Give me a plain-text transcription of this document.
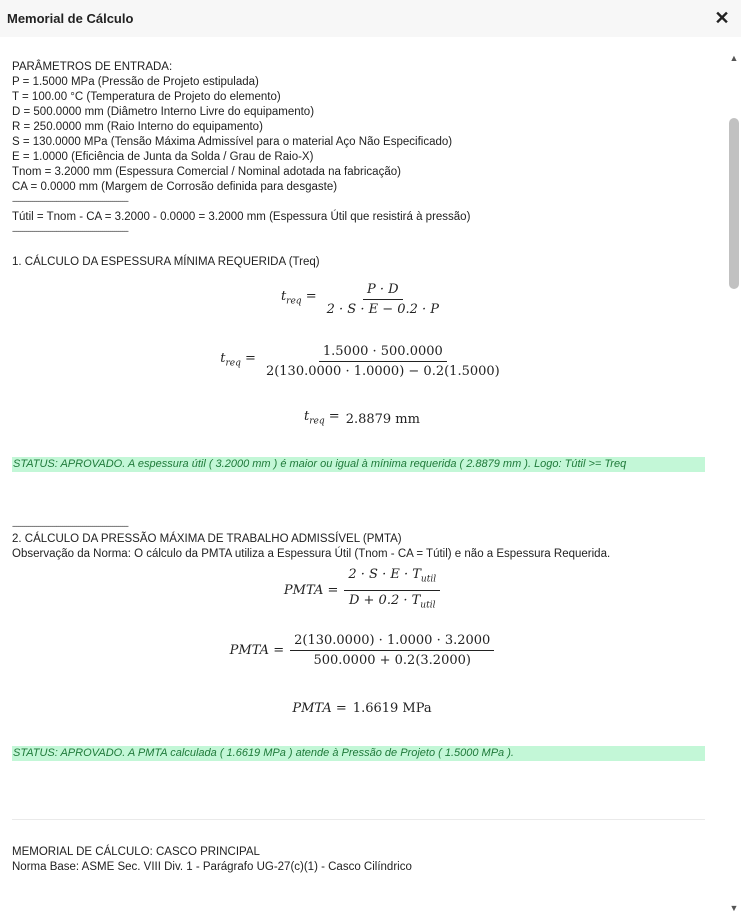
Memorial de Cálculo	✕
PARÂMETROS DE ENTRADA:
P = 1.5000 MPa (Pressão de Projeto estipulada)
T = 100.00 °C (Temperatura de Projeto do elemento)
D = 500.0000 mm (Diâmetro Interno Livre do equipamento)
R = 250.0000 mm (Raio Interno do equipamento)
S = 130.0000 MPa (Tensão Máxima Admissível para o material Aço Não Especificado)
E = 1.0000 (Eficiência de Junta da Solda / Grau de Raio-X)
Tnom = 3.2000 mm (Espessura Comercial / Nominal adotada na fabricação)
CA = 0.0000 mm (Margem de Corrosão definida para desgaste)
----------------------------------------------------------
Tútil = Tnom - CA = 3.2000 - 0.0000 = 3.2000 mm (Espessura Útil que resistirá à pressão)
----------------------------------------------------------
1. CÁLCULO DA ESPESSURA MÍNIMA REQUERIDA (Treq)
$t_{req} = \frac{P \cdot D}{2 \cdot S \cdot E - 0.2 \cdot P}$
$t_{req} = \frac{1.5000 \cdot 500.0000}{2(130.0000 \cdot 1.0000) - 0.2(1.5000)}$
$t_{req} = 2.8879$ mm
STATUS: APROVADO. A espessura útil ( 3.2000 mm ) é maior ou igual à mínima requerida ( 2.8879 mm ). Logo: Tútil >= Treq
----------------------------------------------------------
2. CÁLCULO DA PRESSÃO MÁXIMA DE TRABALHO ADMISSÍVEL (PMTA)
Observação da Norma: O cálculo da PMTA utiliza a Espessura Útil (Tnom - CA = Tútil) e não a Espessura Requerida.
PMTA = $\frac{2 \cdot S \cdot E \cdot T_{util}}{D + 0.2 \cdot T_{util}}$
PMTA = $\frac{2(130.0000) \cdot 1.0000 \cdot 3.2000}{500.0000 + 0.2(3.2000)}$
PMTA = 1.6619 MPa
STATUS: APROVADO. A PMTA calculada ( 1.6619 MPa ) atende à Pressão de Projeto ( 1.5000 MPa ).
MEMORIAL DE CÁLCULO: CASCO PRINCIPAL
Norma Base: ASME Sec. VIII Div. 1 - Parágrafo UG-27(c)(1) - Casco Cilíndrico
▲
▼
